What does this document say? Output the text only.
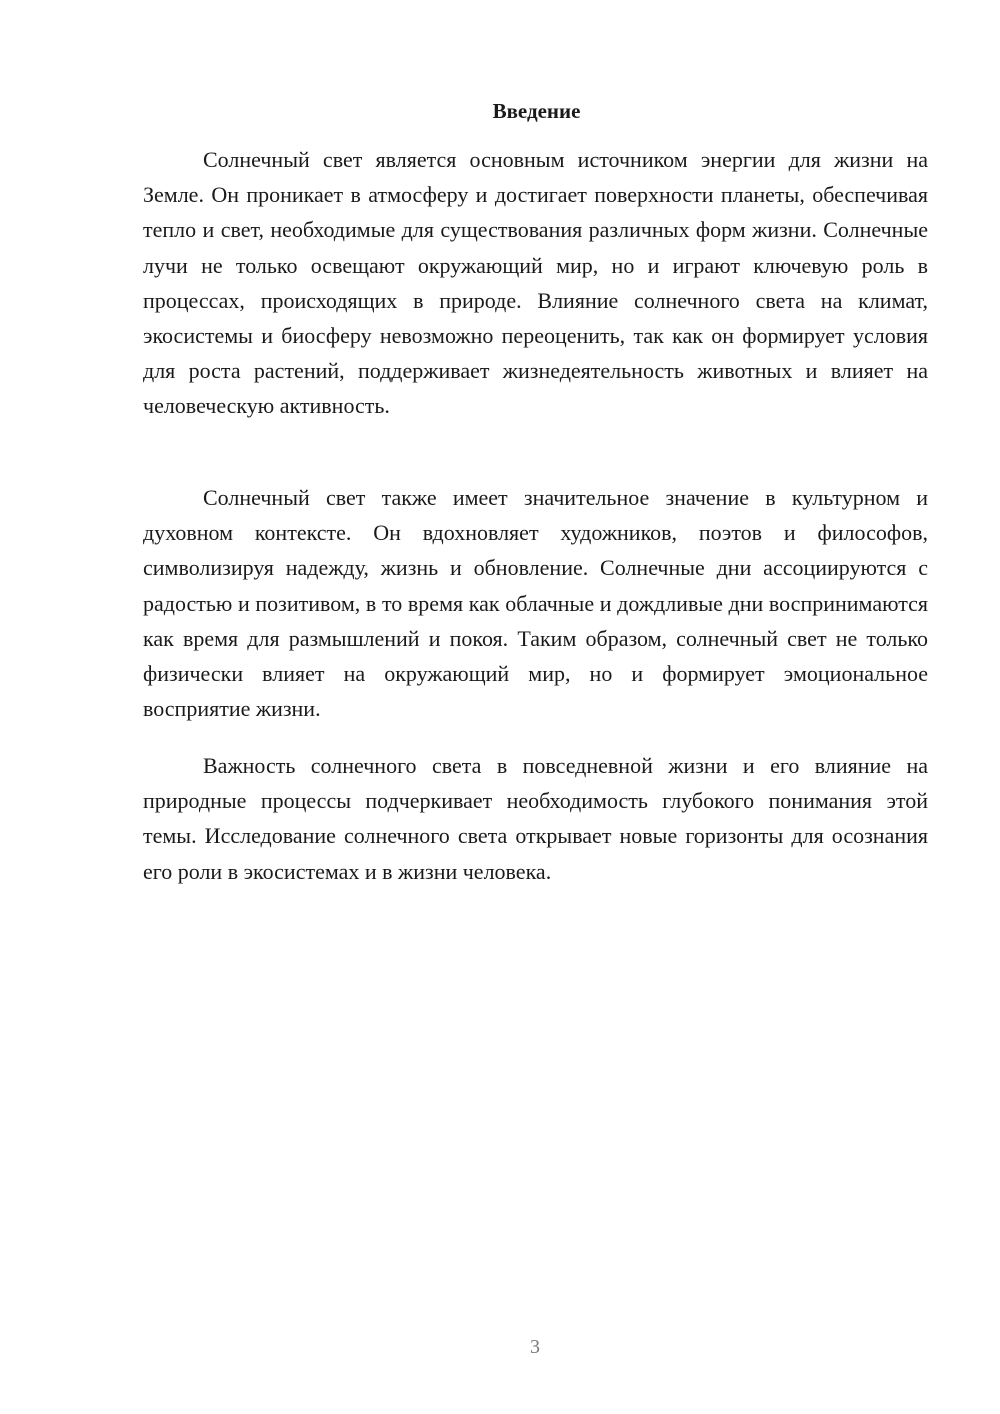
Введение

Солнечный свет является основным источником энергии для жизни на Земле. Он проникает в атмосферу и достигает поверхности планеты, обеспечивая тепло и свет, необходимые для существования различных форм жизни. Солнечные лучи не только освещают окружающий мир, но и играют ключевую роль в процессах, происходящих в природе. Влияние солнечного света на климат, экосистемы и биосферу невозможно переоценить, так как он формирует условия для роста растений, поддерживает жизнедеятельность животных и влияет на человеческую активность.

Солнечный свет также имеет значительное значение в культурном и духовном контексте. Он вдохновляет художников, поэтов и философов, символизируя надежду, жизнь и обновление. Солнечные дни ассоциируются с радостью и позитивом, в то время как облачные и дождливые дни воспринимаются как время для размышлений и покоя. Таким образом, солнечный свет не только физически влияет на окружающий мир, но и формирует эмоциональное восприятие жизни.

Важность солнечного света в повседневной жизни и его влияние на природные процессы подчеркивает необходимость глубокого понимания этой темы. Исследование солнечного света открывает новые горизонты для осознания его роли в экосистемах и в жизни человека.

3
